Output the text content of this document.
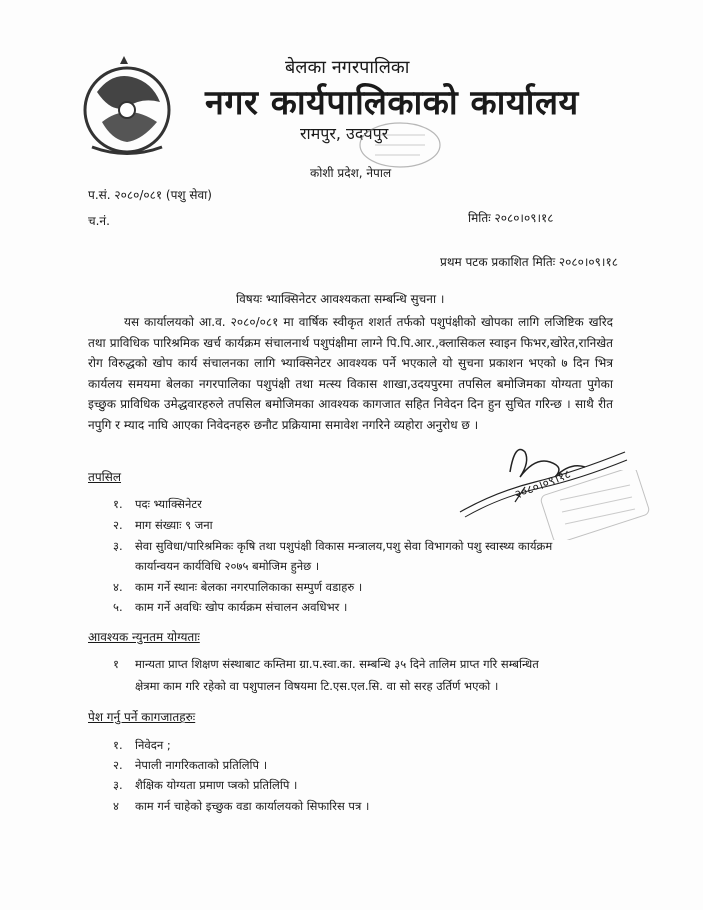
बेलका नगरपालिका
नगर कार्यपालिकाको कार्यालय
रामपुर, उदयपुर
कोशी प्रदेश, नेपाल
प.सं. २०८०/०८१ (पशु सेवा)
च.नं.	मितिः २०८०।०९।१८
प्रथम पटक प्रकाशित मितिः २०८०।०९।१८
विषयः भ्याक्सिनेटर आवश्यकता सम्बन्धि सुचना ।
यस कार्यालयको आ.व. २०८०/०८१ मा वार्षिक स्वीकृत शशर्त तर्फको पशुपंक्षीको खोपका लागि लजिष्टिक खरिद तथा प्राविधिक पारिश्रमिक खर्च कार्यक्रम संचालनार्थ पशुपंक्षीमा लाग्ने पि.पि.आर.,क्लासिकल स्वाइन फिभर,खोरेत,रानिखेत रोग विरुद्धको खोप कार्य संचालनका लागि भ्याक्सिनेटर आवश्यक पर्ने भएकाले यो सुचना प्रकाशन भएको ७ दिन भित्र कार्यलय समयमा बेलका नगरपालिका पशुपंक्षी तथा मत्स्य विकास शाखा,उदयपुरमा तपसिल बमोजिमका योग्यता पुगेका इच्छुक प्राविधिक उमेद्धवारहरुले तपसिल बमोजिमका आवश्यक कागजात सहित निवेदन दिन हुन सुचित गरिन्छ । साथै रीत नपुगि र म्याद नाघि आएका निवेदनहरु छनौट प्रक्रियामा समावेश नगरिने व्यहोरा अनुरोध छ ।
तपसिल
१. पदः भ्याक्सिनेटर
२. माग संख्याः ९ जना
३. सेवा सुविधा/पारिश्रमिकः कृषि तथा पशुपंक्षी विकास मन्त्रालय,पशु सेवा विभागको पशु स्वास्थ्य कार्यक्रम
कार्यान्वयन कार्यविधि २०७५ बमोजिम हुनेछ ।
४. काम गर्ने स्थानः बेलका नगरपालिकाका सम्पुर्ण वडाहरु ।
५. काम गर्ने अवधिः खोप कार्यक्रम संचालन अवधिभर ।
२०८०।०९।१८
आवश्यक न्युनतम योग्यताः
१ मान्यता प्राप्त शिक्षण संस्थाबाट कम्तिमा ग्रा.प.स्वा.का. सम्बन्धि ३५ दिने तालिम प्राप्त गरि सम्बन्धित
क्षेत्रमा काम गरि रहेको वा पशुपालन विषयमा टि.एस.एल.सि. वा सो सरह उर्तिर्ण भएको ।
पेश गर्नु पर्ने कागजातहरुः
१. निवेदन ;
२. नेपाली नागरिकताको प्रतिलिपि ।
३. शैक्षिक योग्यता प्रमाण प्त्रको प्रतिलिपि ।
४ काम गर्न चाहेको इच्छुक वडा कार्यालयको सिफारिस पत्र ।
